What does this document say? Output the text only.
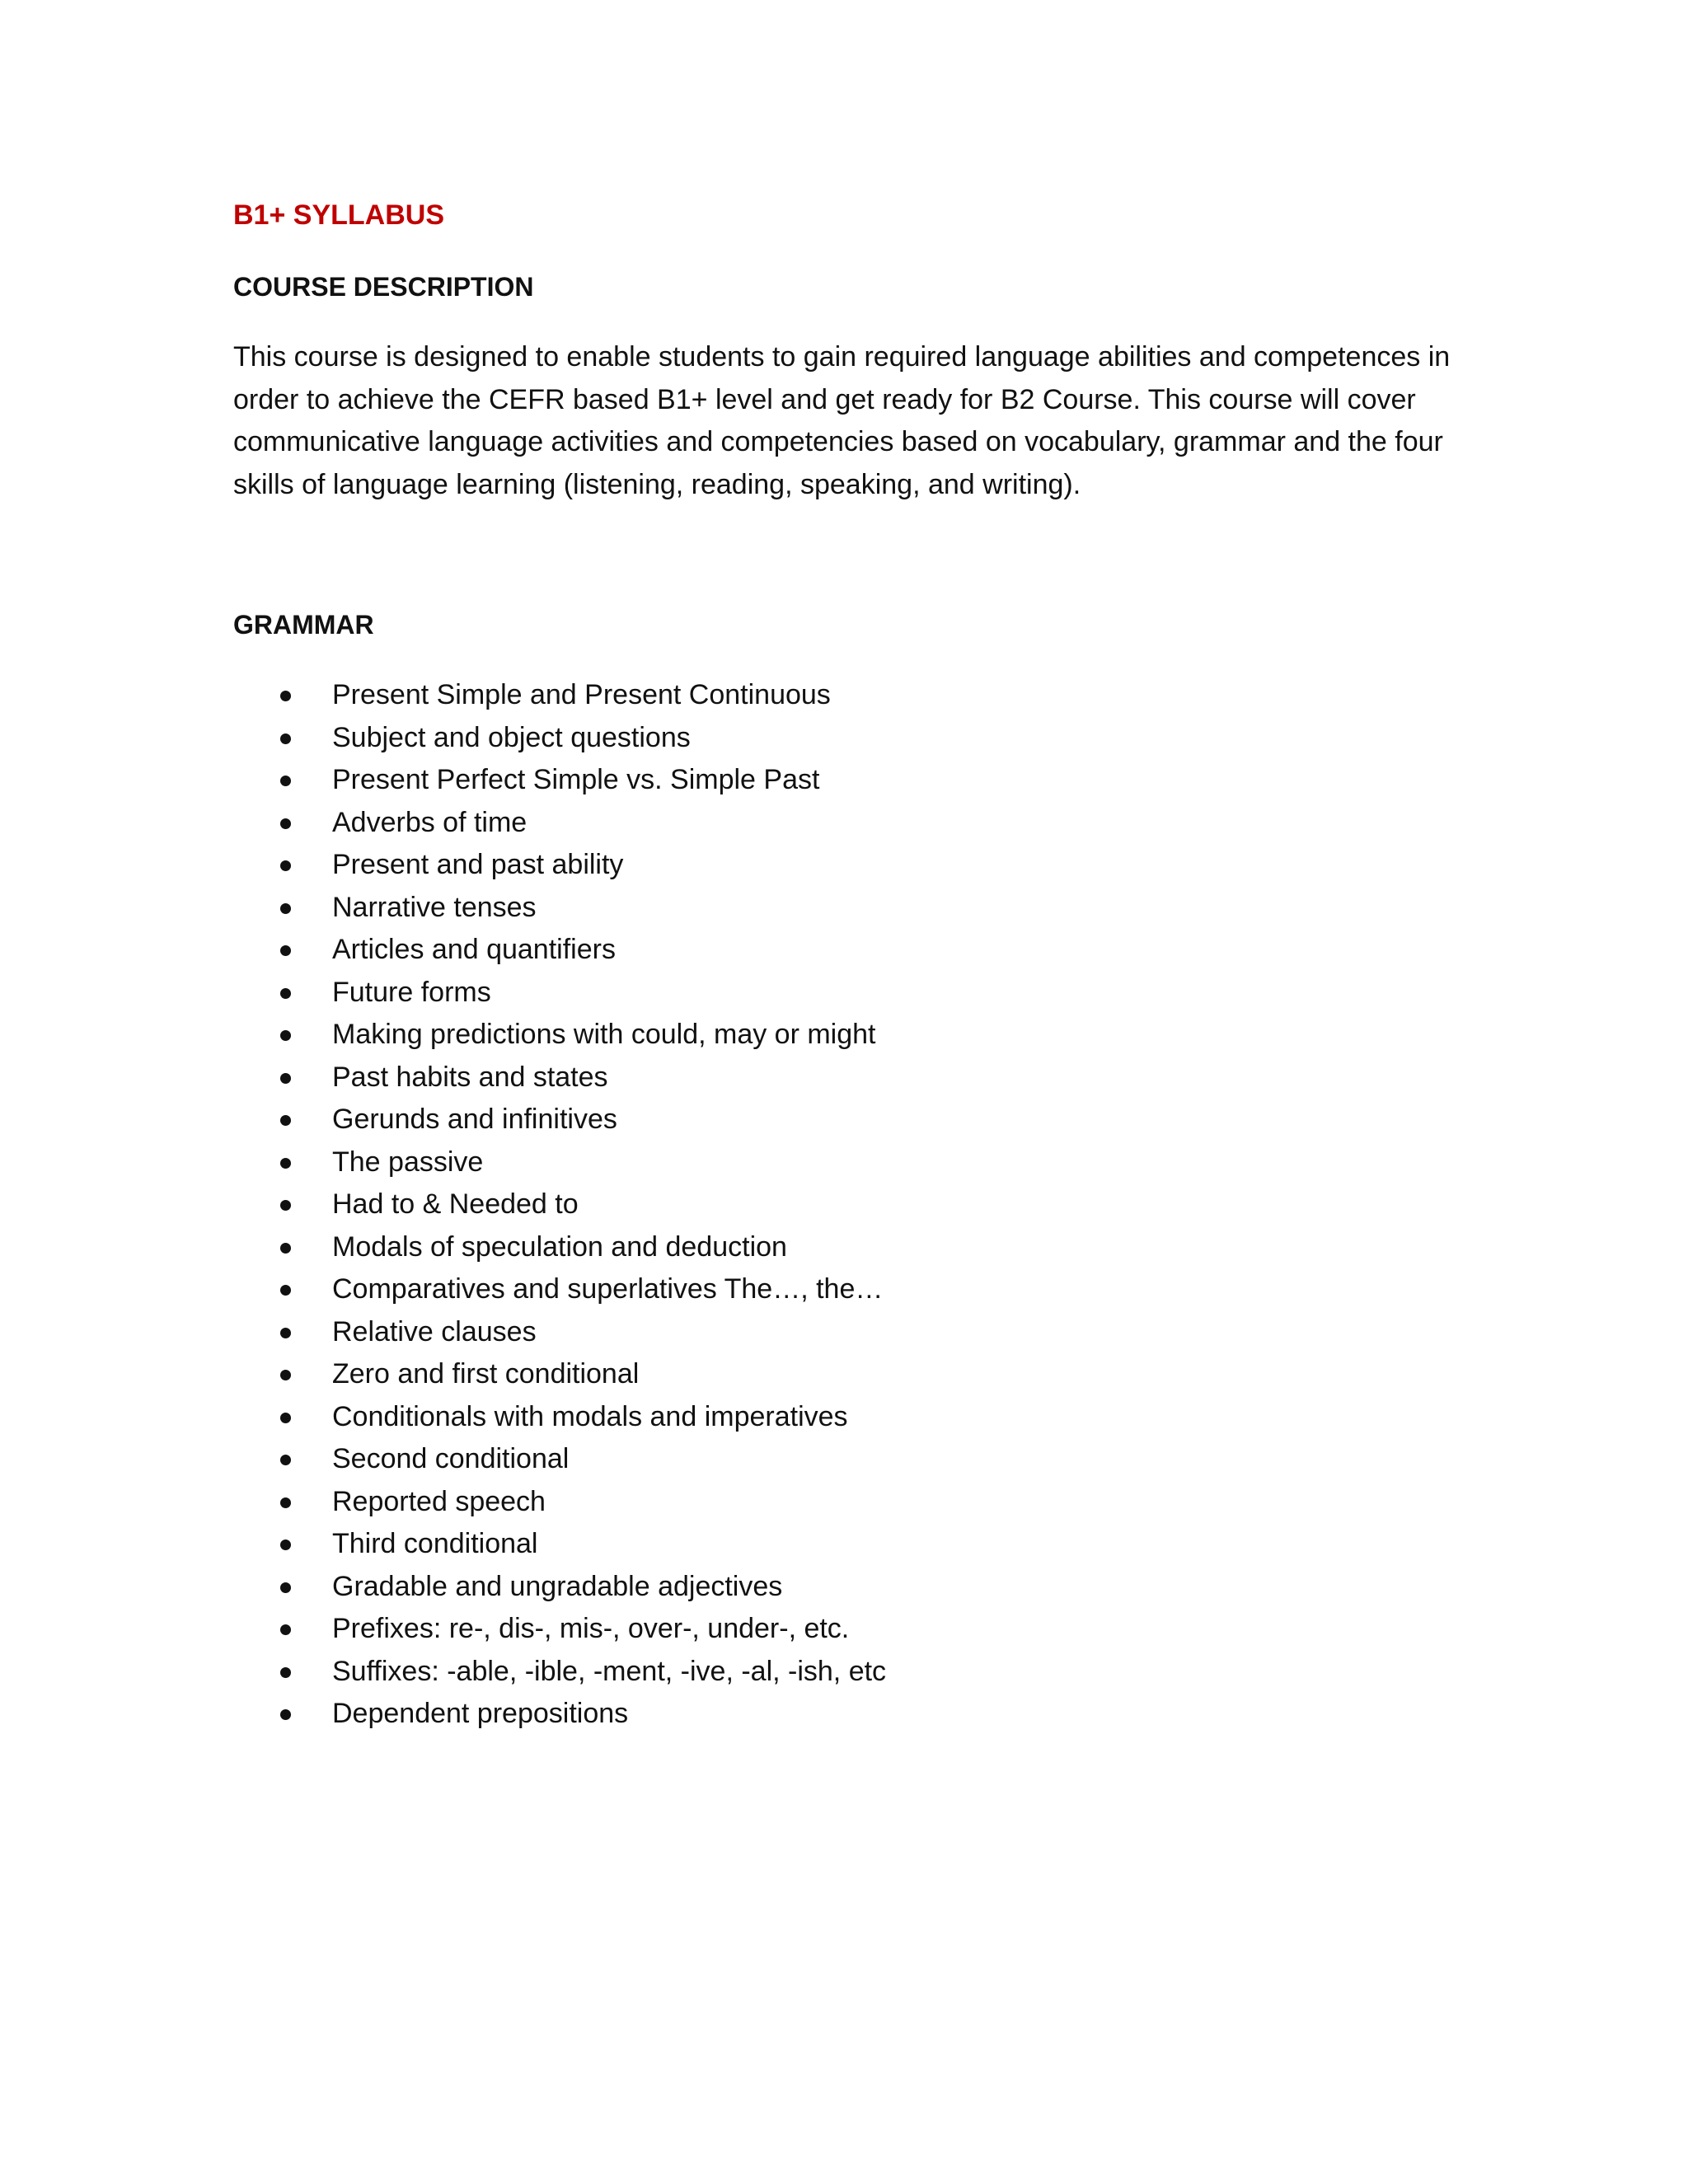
B1+ SYLLABUS
COURSE DESCRIPTION

This course is designed to enable students to gain required language abilities and competences in order to achieve the CEFR based B1+ level and get ready for B2 Course. This course will cover communicative language activities and competencies based on vocabulary, grammar and the four skills of language learning (listening, reading, speaking, and writing).

GRAMMAR
Present Simple and Present Continuous
Subject and object questions
Present Perfect Simple vs. Simple Past
Adverbs of time
Present and past ability
Narrative tenses
Articles and quantifiers
Future forms
Making predictions with could, may or might
Past habits and states
Gerunds and infinitives
The passive
Had to & Needed to
Modals of speculation and deduction
Comparatives and superlatives The…, the…
Relative clauses
Zero and first conditional
Conditionals with modals and imperatives
Second conditional
Reported speech
Third conditional
Gradable and ungradable adjectives
Prefixes: re-, dis-, mis-, over-, under-, etc.
Suffixes: -able, -ible, -ment, -ive, -al, -ish, etc
Dependent prepositions
